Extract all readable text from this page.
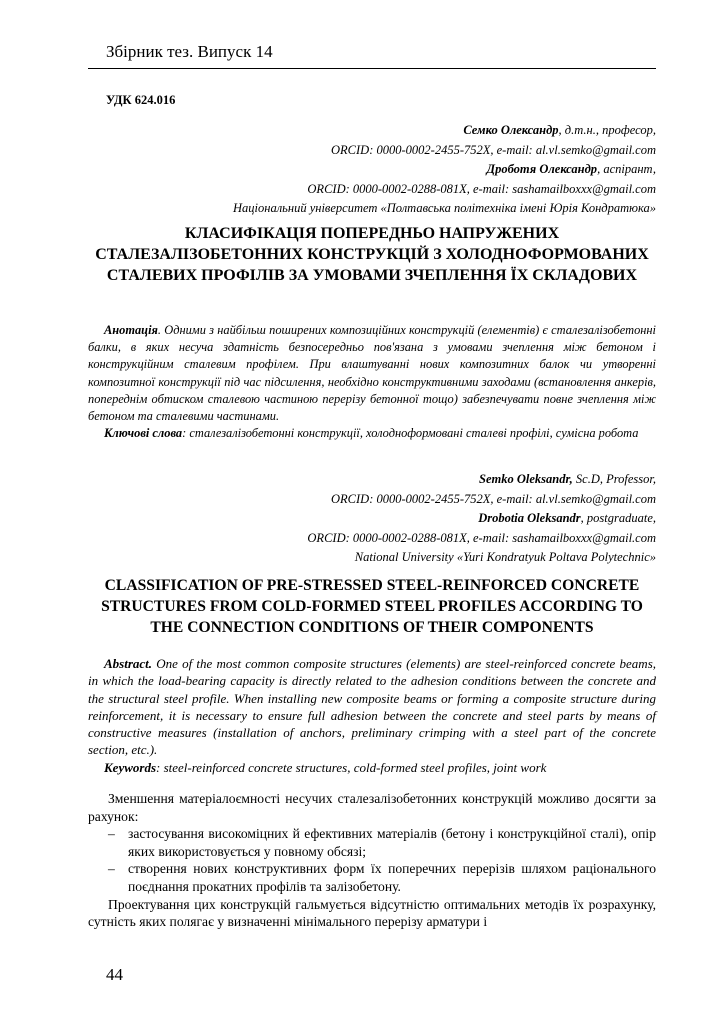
Збірник тез. Випуск 14
УДК 624.016
Семко Олександр, д.т.н., професор,
ORCID: 0000-0002-2455-752X, e-mail: al.vl.semko@gmail.com
Дроботя Олександр, аспірант,
ORCID: 0000-0002-0288-081X, e-mail: sashamailboxxx@gmail.com
Національний університет «Полтавська політехніка імені Юрія Кондратюка»
КЛАСИФІКАЦІЯ ПОПЕРЕДНЬО НАПРУЖЕНИХ СТАЛЕЗАЛІЗОБЕТОННИХ КОНСТРУКЦІЙ З ХОЛОДНОФОРМОВАНИХ СТАЛЕВИХ ПРОФІЛІВ ЗА УМОВАМИ ЗЧЕПЛЕННЯ ЇХ СКЛАДОВИХ

Анотація. Одними з найбільш поширених композиційних конструкцій (елементів) є сталезалізобетонні балки, в яких несуча здатність безпосередньо пов'язана з умовами зчеплення між бетоном і конструкційним сталевим профілем. При влаштуванні нових композитних балок чи утворенні композитної конструкції під час підсилення, необхідно конструктивними заходами (встановлення анкерів, попереднім обтиском сталевою частиною перерізу бетонної тощо) забезпечувати повне зчеплення між бетоном та сталевими частинами.

Ключові слова: сталезалізобетонні конструкції, холодноформовані сталеві профілі, сумісна робота

Semko Oleksandr, Sc.D, Professor,
ORCID: 0000-0002-2455-752X, e-mail: al.vl.semko@gmail.com
Drobotia Oleksandr, postgraduate,
ORCID: 0000-0002-0288-081X, e-mail: sashamailboxxx@gmail.com
National University «Yuri Kondratyuk Poltava Polytechnic»
CLASSIFICATION OF PRE-STRESSED STEEL-REINFORCED CONCRETE STRUCTURES FROM COLD-FORMED STEEL PROFILES ACCORDING TO THE CONNECTION CONDITIONS OF THEIR COMPONENTS

Abstract. One of the most common composite structures (elements) are steel-reinforced concrete beams, in which the load-bearing capacity is directly related to the adhesion conditions between the concrete and the structural steel profile. When installing new composite beams or forming a composite structure during reinforcement, it is necessary to ensure full adhesion between the concrete and steel parts by means of constructive measures (installation of anchors, preliminary crimping with a steel part of the concrete section, etc.).

Keywords: steel-reinforced concrete structures, cold-formed steel profiles, joint work

Зменшення матеріалоємності несучих сталезалізобетонних конструкцій можливо досягти за рахунок:

– застосування високоміцних й ефективних матеріалів (бетону і конструкційної сталі), опір яких використовується у повному обсязі;
– створення нових конструктивних форм їх поперечних перерізів шляхом раціонального поєднання прокатних профілів та залізобетону.

Проектування цих конструкцій гальмується відсутністю оптимальних методів їх розрахунку, сутність яких полягає у визначенні мінімального перерізу арматури і

44
